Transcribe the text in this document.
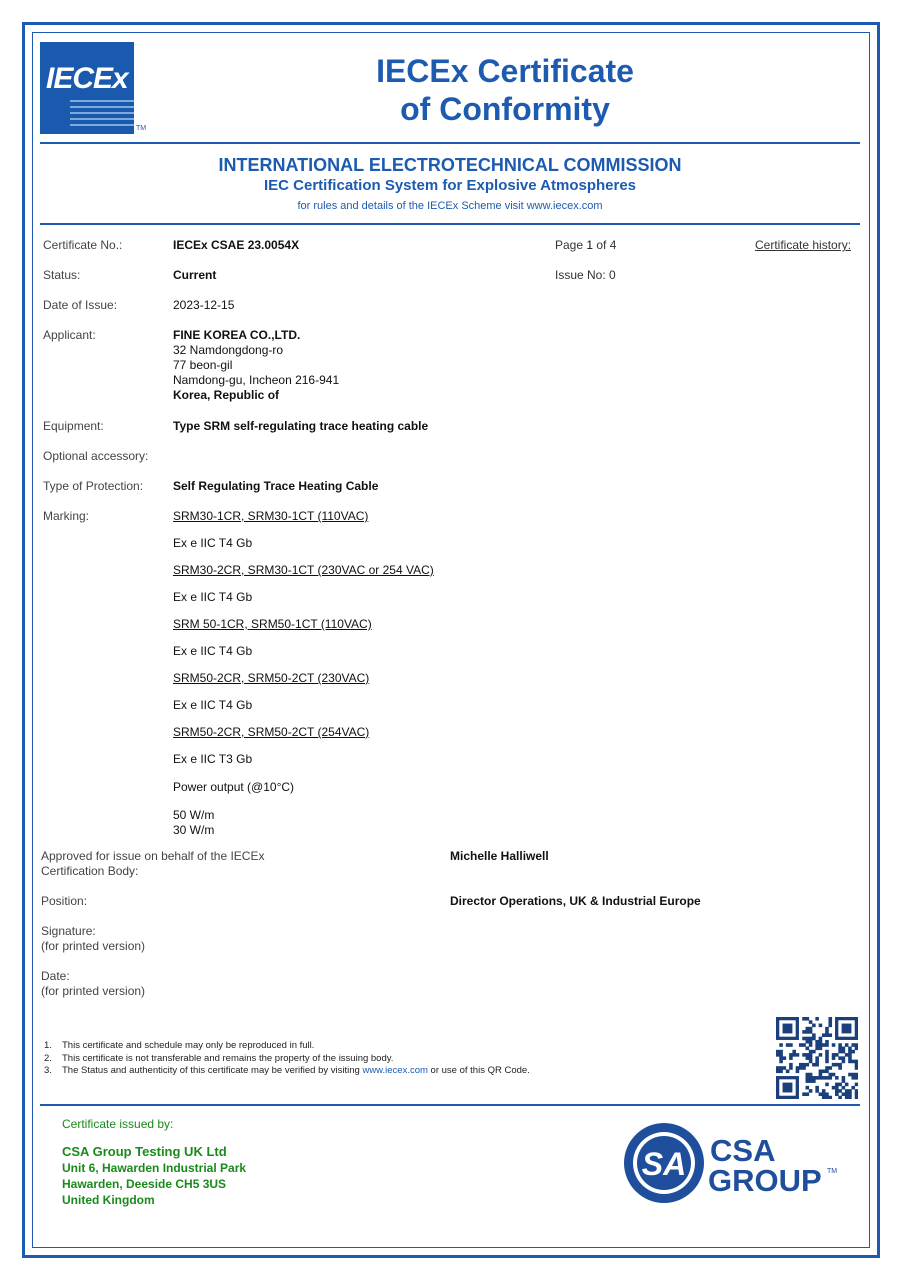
IECEx
TM
IECEx Certificate
of Conformity
INTERNATIONAL ELECTROTECHNICAL COMMISSION
IEC Certification System for Explosive Atmospheres
for rules and details of the IECEx Scheme visit www.iecex.com
Certificate No.:	IECEx CSAE 23.0054X	Page 1 of 4	Certificate history:
Status:	Current	Issue No: 0
Date of Issue:	2023-12-15
Applicant:	FINE KOREA CO.,LTD.
32 Namdongdong-ro
77 beon-gil
Namdong-gu, Incheon 216-941
Korea, Republic of
Equipment:	Type SRM self-regulating trace heating cable
Optional accessory:
Type of Protection: Self Regulating Trace Heating Cable
Marking:	SRM30-1CR, SRM30-1CT (110VAC)
Ex e IIC T4 Gb
SRM30-2CR, SRM30-1CT (230VAC or 254 VAC)
Ex e IIC T4 Gb
SRM 50-1CR, SRM50-1CT (110VAC)
Ex e IIC T4 Gb
SRM50-2CR, SRM50-2CT (230VAC)
Ex e IIC T4 Gb
SRM50-2CR, SRM50-2CT (254VAC)
Ex e IIC T3 Gb
Power output (@10°C)
50 W/m
30 W/m
Approved for issue on behalf of the IECEx
Certification Body:
Michelle Halliwell
Position:	Director Operations, UK & Industrial Europe
Signature:
(for printed version)
Date:
(for printed version)
1. This certificate and schedule may only be reproduced in full.
2. This certificate is not transferable and remains the property of the issuing body.
3. The Status and authenticity of this certificate may be verified by visiting www.iecex.com or use of this QR Code.
Certificate issued by:
CSA Group Testing UK Ltd
Unit 6, Hawarden Industrial Park
Hawarden, Deeside CH5 3US
United Kingdom
SA CSA
GROUP TM
